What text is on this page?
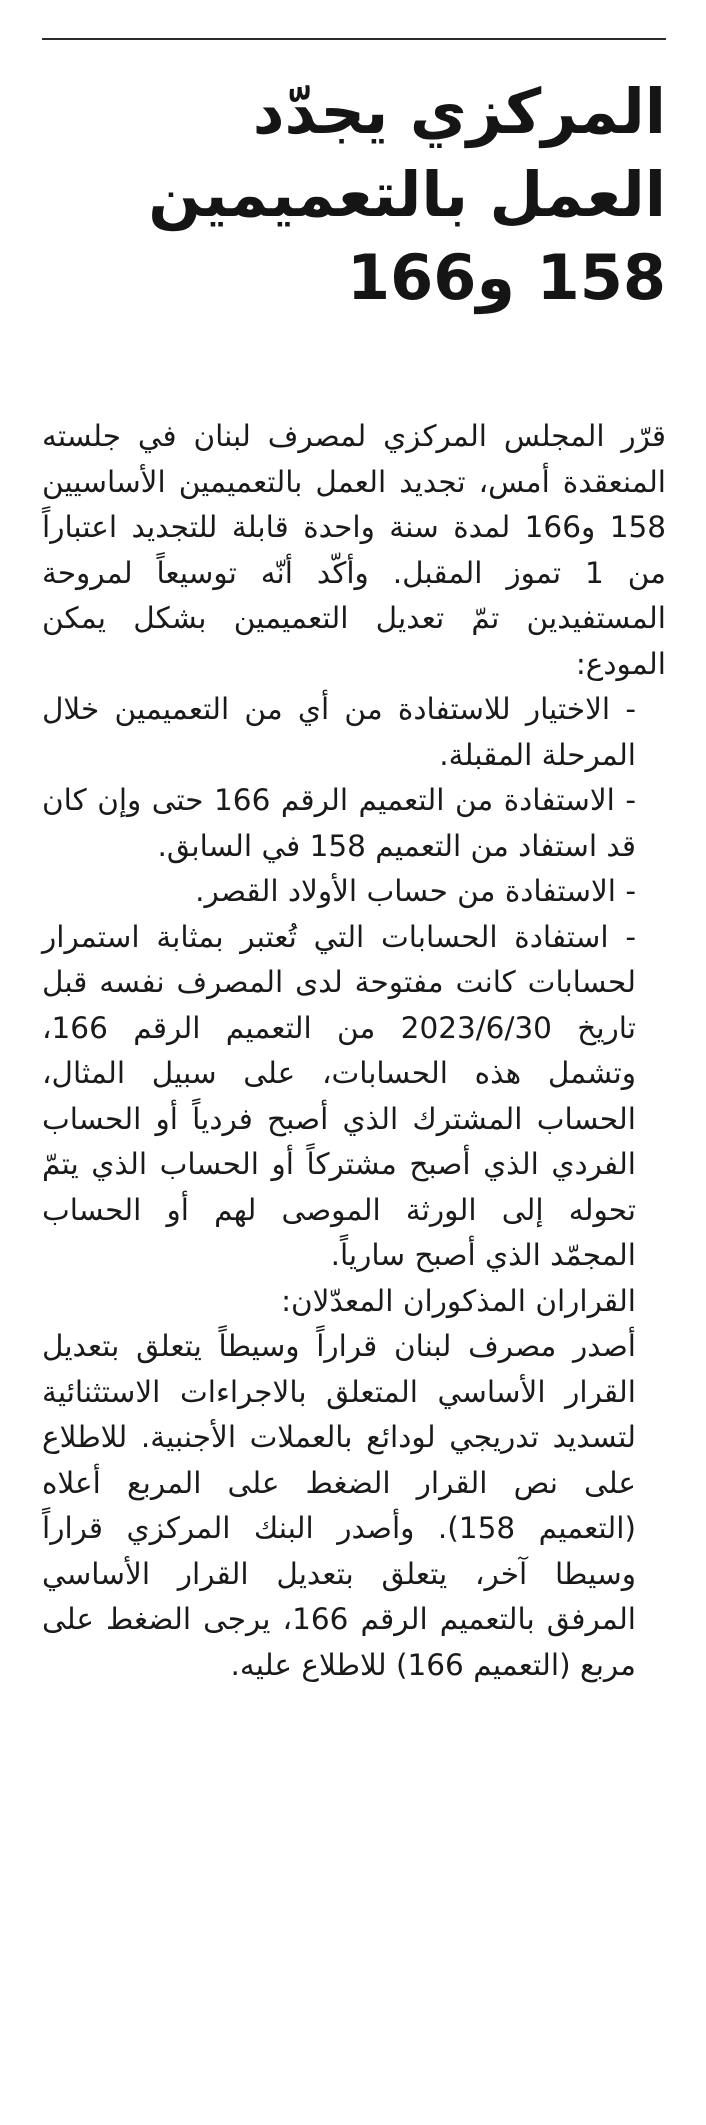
المركزي يجدّد
العمل بالتعميمين
158 و166

قرّر المجلس المركزي لمصرف لبنان في جلسته المنعقدة أمس، تجديد العمل بالتعميمين الأساسيين 158 و166 لمدة سنة واحدة قابلة للتجديد اعتباراً من 1 تموز المقبل. وأكّد أنّه توسيعاً لمروحة المستفيدين تمّ تعديل التعميمين بشكل يمكن المودع:

- الاختيار للاستفادة من أي من التعميمين خلال المرحلة المقبلة.

- الاستفادة من التعميم الرقم 166 حتى وإن كان قد استفاد من التعميم 158 في السابق.

- الاستفادة من حساب الأولاد القصر.

- استفادة الحسابات التي تُعتبر بمثابة استمرار لحسابات كانت مفتوحة لدى المصرف نفسه قبل تاريخ 2023/6/30 من التعميم الرقم 166، وتشمل هذه الحسابات، على سبيل المثال، الحساب المشترك الذي أصبح فردياً أو الحساب الفردي الذي أصبح مشتركاً أو الحساب الذي يتمّ تحوله إلى الورثة الموصى لهم أو الحساب المجمّد الذي أصبح سارياً.

القراران المذكوران المعدّلان:

أصدر مصرف لبنان قراراً وسيطاً يتعلق بتعديل القرار الأساسي المتعلق بالاجراءات الاستثنائية لتسديد تدريجي لودائع بالعملات الأجنبية. للاطلاع على نص القرار الضغط على المربع أعلاه (التعميم 158). وأصدر البنك المركزي قراراً وسيطا آخر، يتعلق بتعديل القرار الأساسي المرفق بالتعميم الرقم 166، يرجى الضغط على مربع (التعميم 166) للاطلاع عليه.
